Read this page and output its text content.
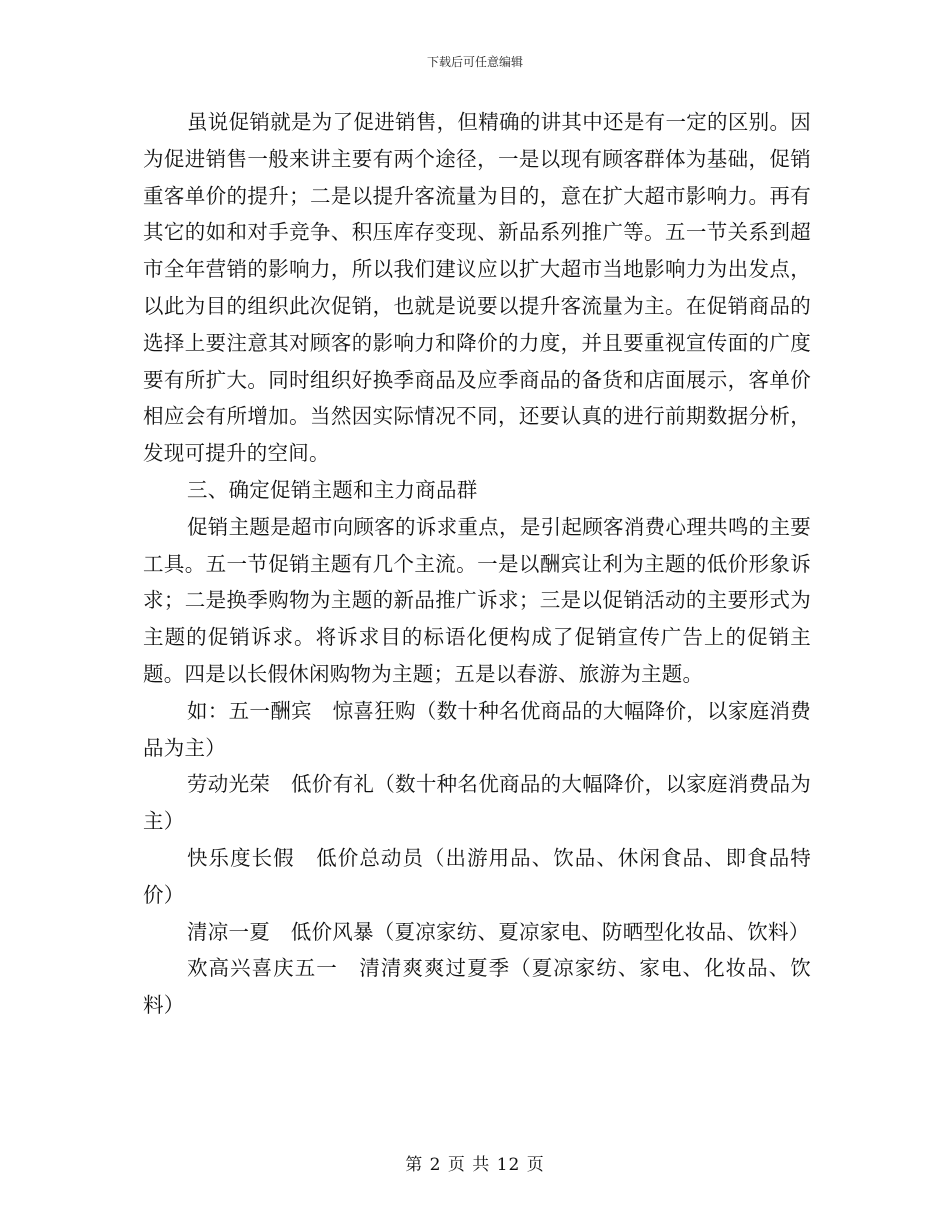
下载后可任意编辑

虽说促销就是为了促进销售，但精确的讲其中还是有一定的区别。因为促进销售一般来讲主要有两个途径，一是以现有顾客群体为基础，促销重客单价的提升；二是以提升客流量为目的，意在扩大超市影响力。再有其它的如和对手竞争、积压库存变现、新品系列推广等。五一节关系到超市全年营销的影响力，所以我们建议应以扩大超市当地影响力为出发点，以此为目的组织此次促销，也就是说要以提升客流量为主。在促销商品的选择上要注意其对顾客的影响力和降价的力度，并且要重视宣传面的广度要有所扩大。同时组织好换季商品及应季商品的备货和店面展示，客单价相应会有所增加。当然因实际情况不同，还要认真的进行前期数据分析，发现可提升的空间。

三、确定促销主题和主力商品群

促销主题是超市向顾客的诉求重点，是引起顾客消费心理共鸣的主要工具。五一节促销主题有几个主流。一是以酬宾让利为主题的低价形象诉求；二是换季购物为主题的新品推广诉求；三是以促销活动的主要形式为主题的促销诉求。将诉求目的标语化便构成了促销宣传广告上的促销主题。四是以长假休闲购物为主题；五是以春游、旅游为主题。

如：五一酬宾　惊喜狂购（数十种名优商品的大幅降价，以家庭消费品为主）

劳动光荣　低价有礼（数十种名优商品的大幅降价，以家庭消费品为主）

快乐度长假　低价总动员（出游用品、饮品、休闲食品、即食品特价）

清凉一夏　低价风暴（夏凉家纺、夏凉家电、防晒型化妆品、饮料）

欢高兴喜庆五一　清清爽爽过夏季（夏凉家纺、家电、化妆品、饮料）

第 2 页 共 12 页
